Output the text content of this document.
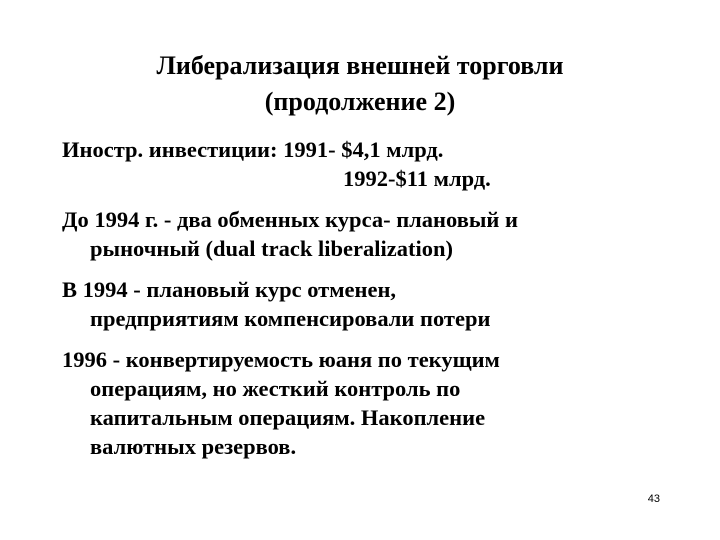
Либерализация внешней торговли
(продолжение 2)
Иностр. инвестиции: 1991- $4,1 млрд.
1992-$11 млрд.
До 1994 г. - два обменных курса- плановый и
рыночный (dual track liberalization)
В 1994 - плановый курс отменен,
предприятиям компенсировали потери
1996 - конвертируемость юаня по текущим
операциям, но жесткий контроль по
капитальным операциям. Накопление
валютных резервов.
43
